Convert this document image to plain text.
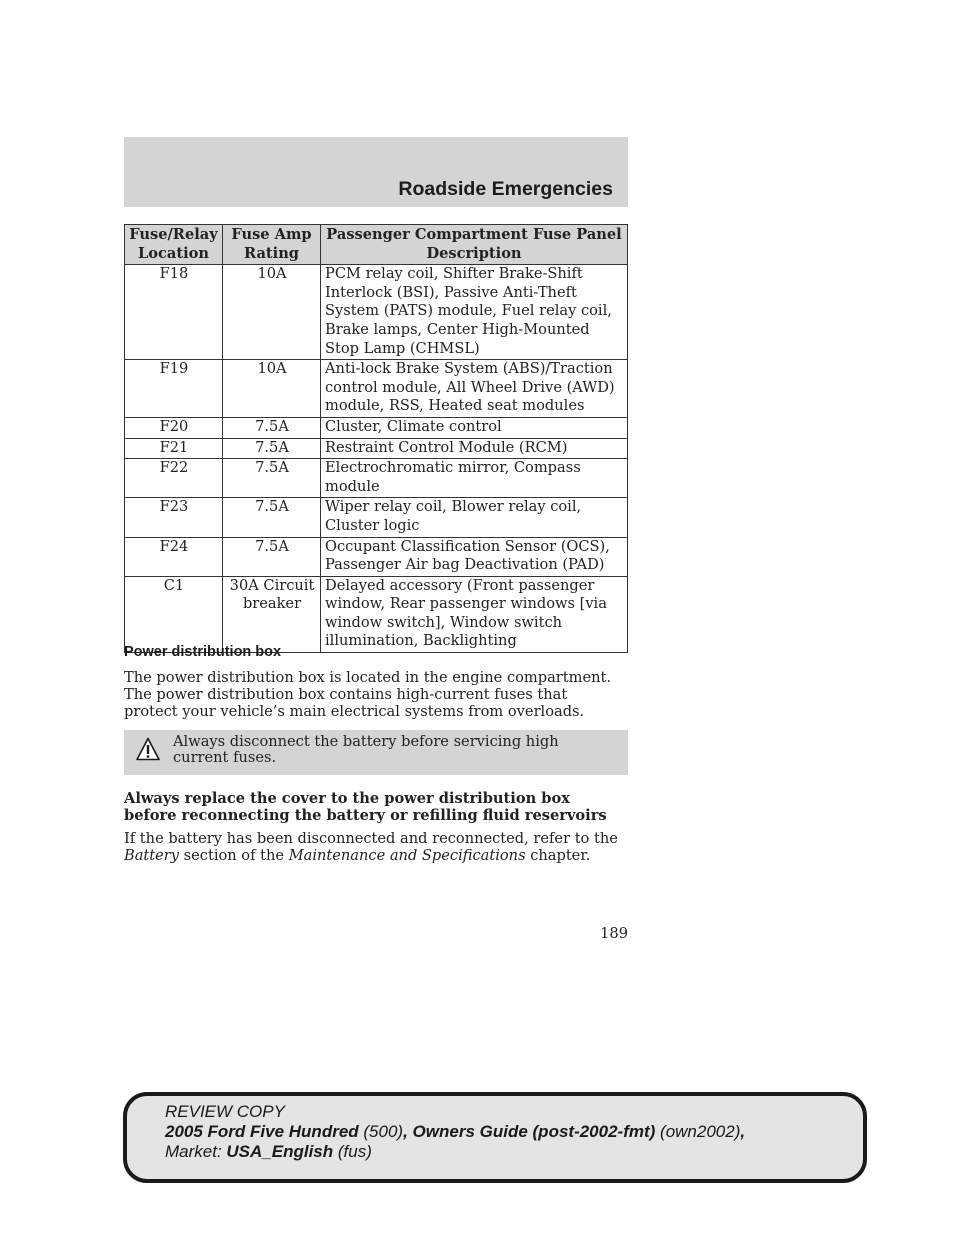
Roadside Emergencies
Fuse/Relay Location	Fuse Amp Rating	Passenger Compartment Fuse Panel Description
F18	10A	PCM relay coil, Shifter Brake-Shift Interlock (BSI), Passive Anti-Theft System (PATS) module, Fuel relay coil, Brake lamps, Center High-Mounted Stop Lamp (CHMSL)
F19	10A	Anti-lock Brake System (ABS)/Traction control module, All Wheel Drive (AWD) module, RSS, Heated seat modules
F20	7.5A	Cluster, Climate control
F21	7.5A	Restraint Control Module (RCM)
F22	7.5A	Electrochromatic mirror, Compass module
F23	7.5A	Wiper relay coil, Blower relay coil, Cluster logic
F24	7.5A	Occupant Classification Sensor (OCS), Passenger Air bag Deactivation (PAD)
C1	30A Circuit breaker	Delayed accessory (Front passenger window, Rear passenger windows [via window switch], Window switch illumination, Backlighting
Power distribution box

The power distribution box is located in the engine compartment. The power distribution box contains high-current fuses that protect your vehicle’s main electrical systems from overloads.

Always disconnect the battery before servicing high current fuses.

Always replace the cover to the power distribution box before reconnecting the battery or refilling fluid reservoirs

If the battery has been disconnected and reconnected, refer to the Battery section of the Maintenance and Specifications chapter.

189

REVIEW COPY
2005 Ford Five Hundred (500), Owners Guide (post-2002-fmt) (own2002),
Market: USA_English (fus)
